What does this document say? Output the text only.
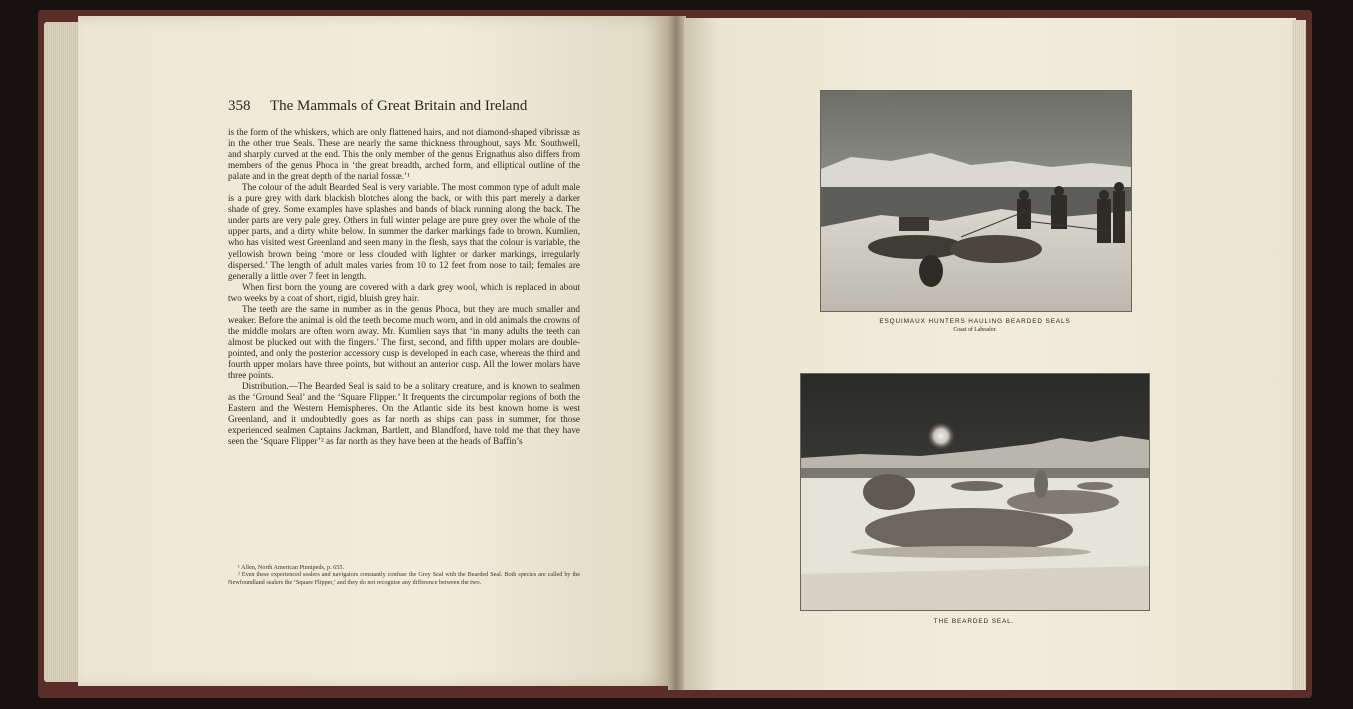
358 The Mammals of Great Britain and Ireland

is the form of the whiskers, which are only flattened hairs, and not diamond-shaped vibrissæ as in the other true Seals. These are nearly the same thickness throughout, says Mr. Southwell, and sharply curved at the end. This the only member of the genus Erignathus also differs from members of the genus Phoca in ‘the great breadth, arched form, and elliptical outline of the palate and in the great depth of the narial fossæ.’¹

The colour of the adult Bearded Seal is very variable. The most common type of adult male is a pure grey with dark blackish blotches along the back, or with this part merely a darker shade of grey. Some examples have splashes and bands of black running along the back. The under parts are very pale grey. Others in full winter pelage are pure grey over the whole of the upper parts, and a dirty white below. In summer the darker markings fade to brown. Kumlien, who has visited west Greenland and seen many in the flesh, says that the colour is variable, the yellowish brown being ‘more or less clouded with lighter or darker markings, irregularly dispersed.’ The length of adult males varies from 10 to 12 feet from nose to tail; females are generally a little over 7 feet in length.

When first born the young are covered with a dark grey wool, which is replaced in about two weeks by a coat of short, rigid, bluish grey hair.

The teeth are the same in number as in the genus Phoca, but they are much smaller and weaker. Before the animal is old the teeth become much worn, and in old animals the crowns of the middle molars are often worn away. Mr. Kumlien says that ‘in many adults the teeth can almost be plucked out with the fingers.’ The first, second, and fifth upper molars are double-pointed, and only the posterior accessory cusp is developed in each case, whereas the third and fourth upper molars have three points, but without an anterior cusp. All the lower molars have three points.

Distribution.—The Bearded Seal is said to be a solitary creature, and is known to sealmen as the ‘Ground Seal’ and the ‘Square Flipper.’ It frequents the circumpolar regions of both the Eastern and the Western Hemispheres. On the Atlantic side its best known home is west Greenland, and it undoubtedly goes as far north as ships can pass in summer, for those experienced sealmen Captains Jackman, Bartlett, and Blandford, have told me that they have seen the ‘Square Flipper’² as far north as they have been at the heads of Baffin’s

¹ Allen, North American Pinnipeds, p. 655.

² Even these experienced sealers and navigators constantly confuse the Grey Seal with the Bearded Seal. Both species are called by the Newfoundland sealers the ‘Square Flipper,’ and they do not recognise any difference between the two.

ESQUIMAUX HUNTERS HAULING BEARDED SEALS
Coast of Labrador.
THE BEARDED SEAL.
